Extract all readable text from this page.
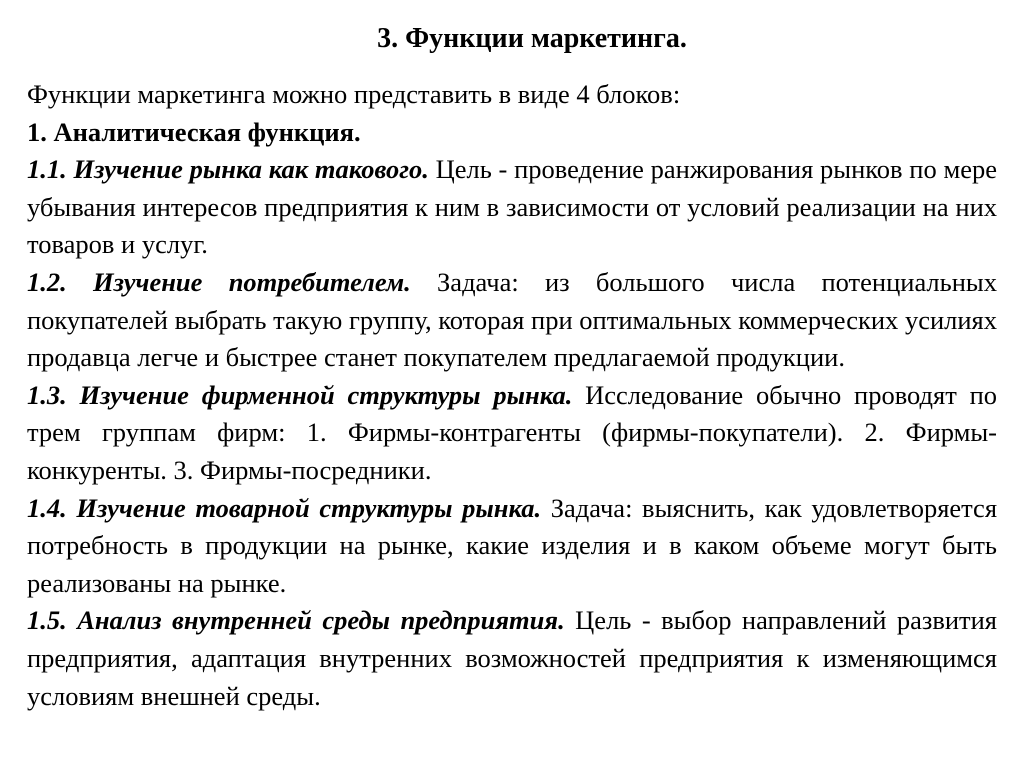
3. Функции маркетинга.

Функции маркетинга можно представить в виде 4 блоков:

1. Аналитическая функция.

1.1. Изучение рынка как такового. Цель - проведение ранжирования рынков по мере убывания интересов предприятия к ним в зависимости от условий реализации на них товаров и услуг.

1.2. Изучение потребителем. Задача: из большого числа потенциальных покупателей выбрать такую группу, которая при оптимальных коммерческих усилиях продавца легче и быстрее станет покупателем предлагаемой продукции.

1.3. Изучение фирменной структуры рынка. Исследование обычно проводят по трем группам фирм: 1. Фирмы-контрагенты (фирмы-покупатели). 2. Фирмы-конкуренты. 3. Фирмы-посредники.

1.4. Изучение товарной структуры рынка. Задача: выяснить, как удовлетворяется потребность в продукции на рынке, какие изделия и в каком объеме могут быть реализованы на рынке.

1.5. Анализ внутренней среды предприятия. Цель - выбор направлений развития предприятия, адаптация внутренних возможностей предприятия к изменяющимся условиям внешней среды.
